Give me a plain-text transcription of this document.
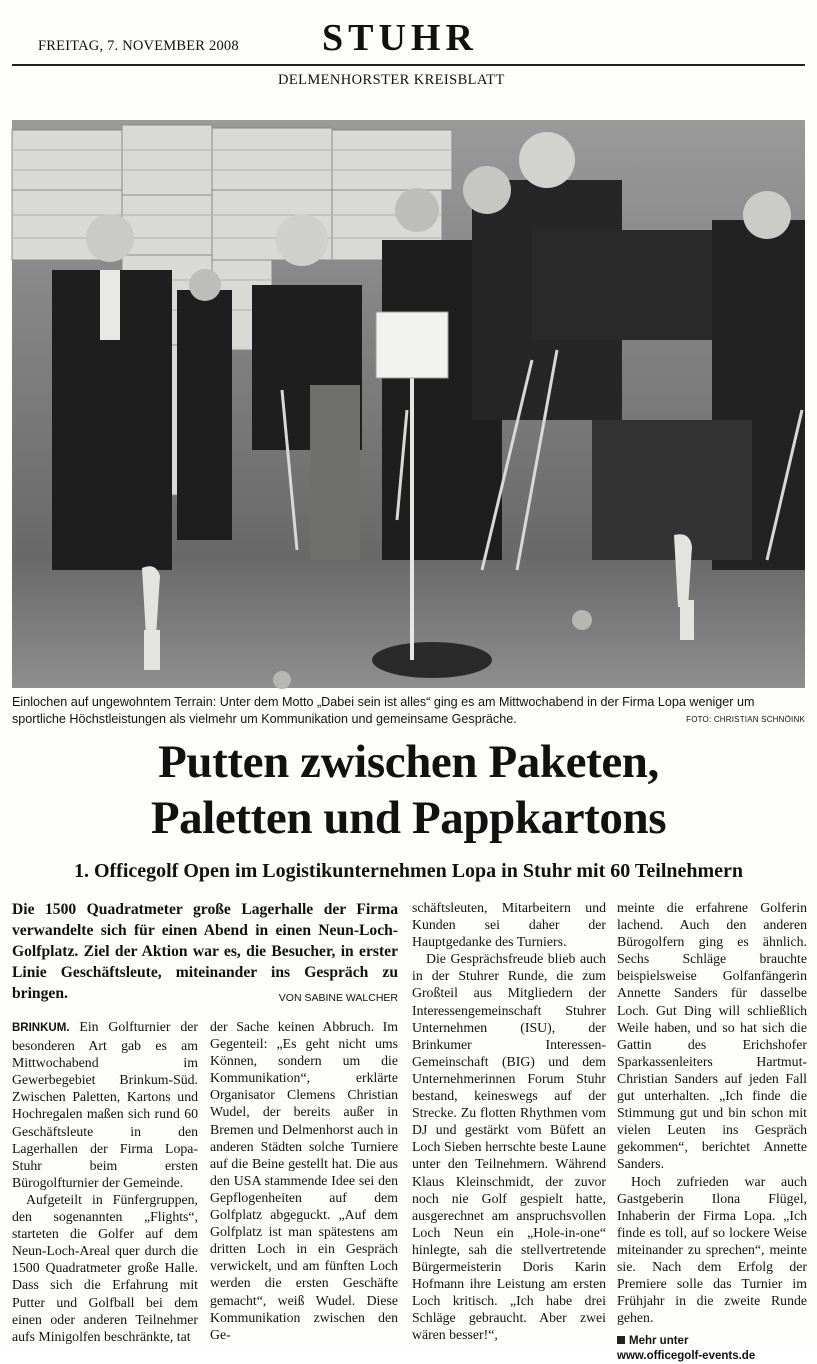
FREITAG, 7. NOVEMBER 2008 STUHR
DELMENHORSTER KREISBLATT
Einlochen auf ungewohntem Terrain: Unter dem Motto „Dabei sein ist alles“ ging es am Mittwochabend in der Firma Lopa weniger um sportliche Höchstleistungen als vielmehr um Kommunikation und gemeinsame Gespräche.	FOTO: CHRISTIAN SCHNÖINK
Putten zwischen Paketen,
Paletten und Pappkartons
1. Officegolf Open im Logistikunternehmen Lopa in Stuhr mit 60 Teilnehmern
Die 1500 Quadratmeter große Lagerhalle der Firma verwandelte sich für einen Abend in einen Neun-Loch-Golfplatz. Ziel der Aktion war es, die Besucher, in erster Linie Geschäftsleute, miteinander ins Gespräch zu bringen.	VON SABINE WALCHER

BRINKUM. Ein Golfturnier der besonderen Art gab es am Mittwochabend im Gewerbegebiet Brinkum-Süd. Zwischen Paletten, Kartons und Hochregalen maßen sich rund 60 Geschäftsleute in den Lagerhallen der Firma Lopa-Stuhr beim ersten Bürogolfturnier der Gemeinde.

Aufgeteilt in Fünfergruppen, den sogenannten „Flights“, starteten die Golfer auf dem Neun-Loch-Areal quer durch die 1500 Quadratmeter große Halle. Dass sich die Erfahrung mit Putter und Golfball bei dem einen oder anderen Teilnehmer aufs Minigolfen beschränkte, tat

der Sache keinen Abbruch. Im Gegenteil: „Es geht nicht ums Können, sondern um die Kommunikation“, erklärte Organisator Clemens Christian Wudel, der bereits außer in Bremen und Delmenhorst auch in anderen Städten solche Turniere auf die Beine gestellt hat. Die aus den USA stammende Idee sei den Gepflogenheiten auf dem Golfplatz abgeguckt. „Auf dem Golfplatz ist man spätestens am dritten Loch in ein Gespräch verwickelt, und am fünften Loch werden die ersten Geschäfte gemacht“, weiß Wudel. Diese Kommunikation zwischen den Ge-

schäftsleuten, Mitarbeitern und Kunden sei daher der Hauptgedanke des Turniers.

Die Gesprächsfreude blieb auch in der Stuhrer Runde, die zum Großteil aus Mitgliedern der Interessengemeinschaft Stuhrer Unternehmen (ISU), der Brinkumer Interessen-Gemeinschaft (BIG) und dem Unternehmerinnen Forum Stuhr bestand, keineswegs auf der Strecke. Zu flotten Rhythmen vom DJ und gestärkt vom Büfett an Loch Sieben herrschte beste Laune unter den Teilnehmern. Während Klaus Kleinschmidt, der zuvor noch nie Golf gespielt hatte, ausgerechnet am anspruchsvollen Loch Neun ein „Hole-in-one“ hinlegte, sah die stellvertretende Bürgermeisterin Doris Karin Hofmann ihre Leistung am ersten Loch kritisch. „Ich habe drei Schläge gebraucht. Aber zwei wären besser!“,

meinte die erfahrene Golferin lachend. Auch den anderen Bürogolfern ging es ähnlich. Sechs Schläge brauchte beispielsweise Golfanfängerin Annette Sanders für dasselbe Loch. Gut Ding will schließlich Weile haben, und so hat sich die Gattin des Erichshofer Sparkassenleiters Hartmut-Christian Sanders auf jeden Fall gut unterhalten. „Ich finde die Stimmung gut und bin schon mit vielen Leuten ins Gespräch gekommen“, berichtet Annette Sanders.

Hoch zufrieden war auch Gastgeberin Ilona Flügel, Inhaberin der Firma Lopa. „Ich finde es toll, auf so lockere Weise miteinander zu sprechen“, meinte sie. Nach dem Erfolg der Premiere solle das Turnier im Frühjahr in die zweite Runde gehen.

Mehr unter
www.officegolf-events.de
